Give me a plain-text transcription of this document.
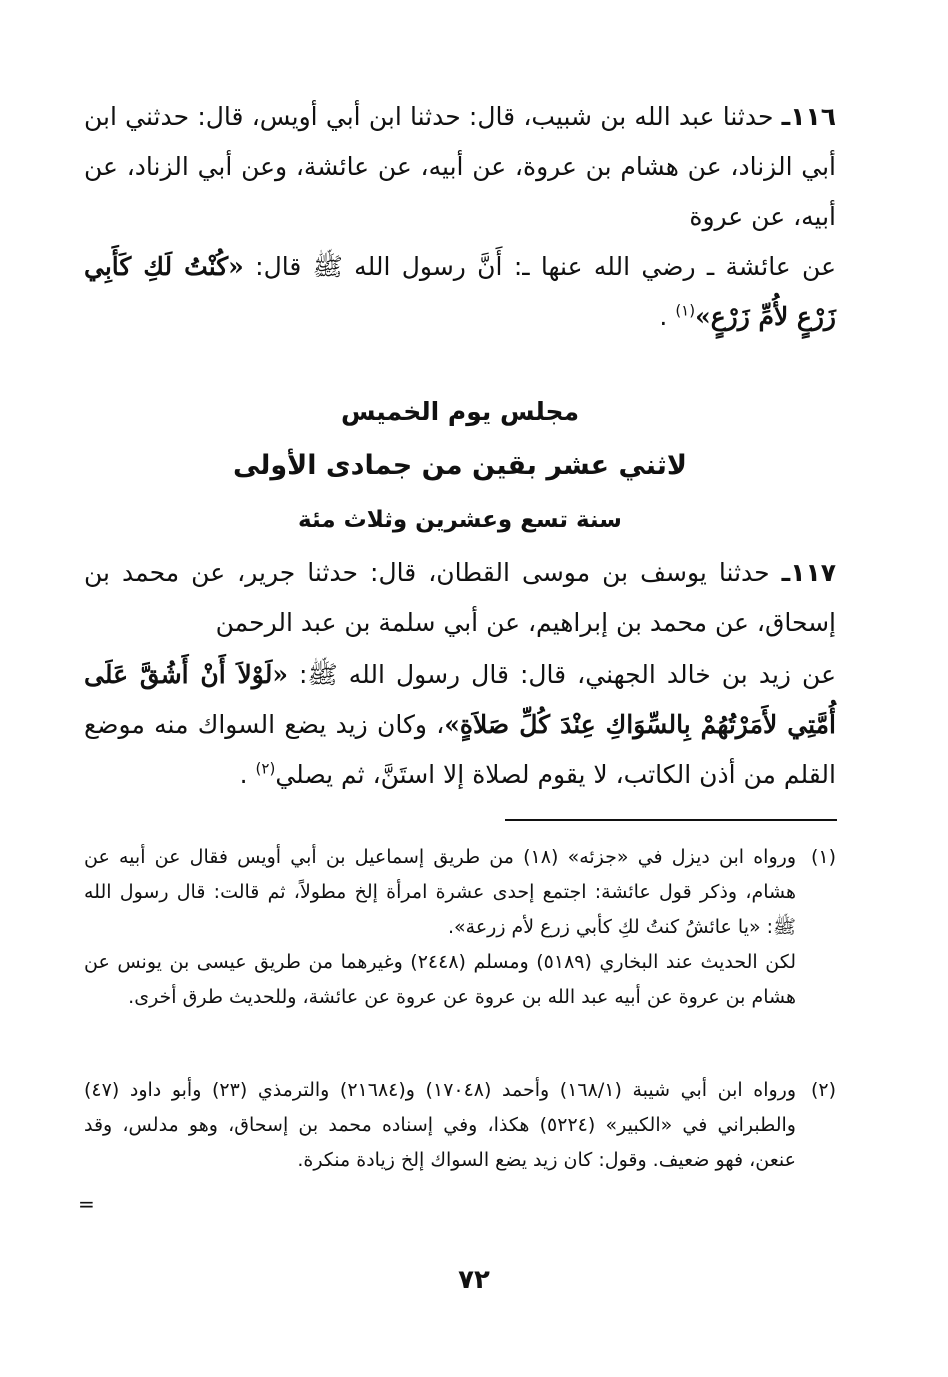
١١٦ـ حدثنا عبد الله بن شبيب، قال: حدثنا ابن أبي أويس، قال: حدثني ابن أبي الزناد، عن هشام بن عروة، عن أبيه، عن عائشة، وعن أبي الزناد، عن أبيه، عن عروة
عن عائشة ـ رضي الله عنها ـ: أَنَّ رسول الله ﷺ قال: «كُنْتُ لَكِ كَأَبِي زَرْعٍ لأُمِّ زَرْعٍ»$^{(١)}$ .
مجلس يوم الخميس
لاثني عشر بقين من جمادى الأولى
سنة تسع وعشرين وثلاث مئة
١١٧ـ حدثنا يوسف بن موسى القطان، قال: حدثنا جرير، عن محمد بن إسحاق، عن محمد بن إبراهيم، عن أبي سلمة بن عبد الرحمن
عن زيد بن خالد الجهني، قال: قال رسول الله ﷺ: «لَوْلاَ أَنْ أَشُقَّ عَلَى أُمَّتِي لأَمَرْتُهُمْ بِالسِّوَاكِ عِنْدَ كُلِّ صَلاَةٍ»، وكان زيد يضع السواك منه موضع القلم من أذن الكاتب، لا يقوم لصلاة إلا استَنَّ، ثم يصلي$^{(٢)}$ .
(١)

ورواه ابن ديزل في «جزئه» (١٨) من طريق إسماعيل بن أبي أويس فقال عن أبيه عن هشام، وذكر قول عائشة: اجتمع إحدى عشرة امرأة إلخ مطولاً، ثم قالت: قال رسول الله ﷺ: «يا عائشُ كنتُ لكِ كأبي زرع لأم زرعة».

لكن الحديث عند البخاري (٥١٨٩) ومسلم (٢٤٤٨) وغيرهما من طريق عيسى بن يونس عن هشام بن عروة عن أبيه عبد الله بن عروة عن عروة عن عائشة، وللحديث طرق أخرى.

(٢)

ورواه ابن أبي شيبة (١٦٨/١) وأحمد (١٧٠٤٨) و(٢١٦٨٤) والترمذي (٢٣) وأبو داود (٤٧) والطبراني في «الكبير» (٥٢٢٤) هكذا، وفي إسناده محمد بن إسحاق، وهو مدلس، وقد عنعن، فهو ضعيف. وقول: كان زيد يضع السواك إلخ زيادة منكرة.

=
٧٢
